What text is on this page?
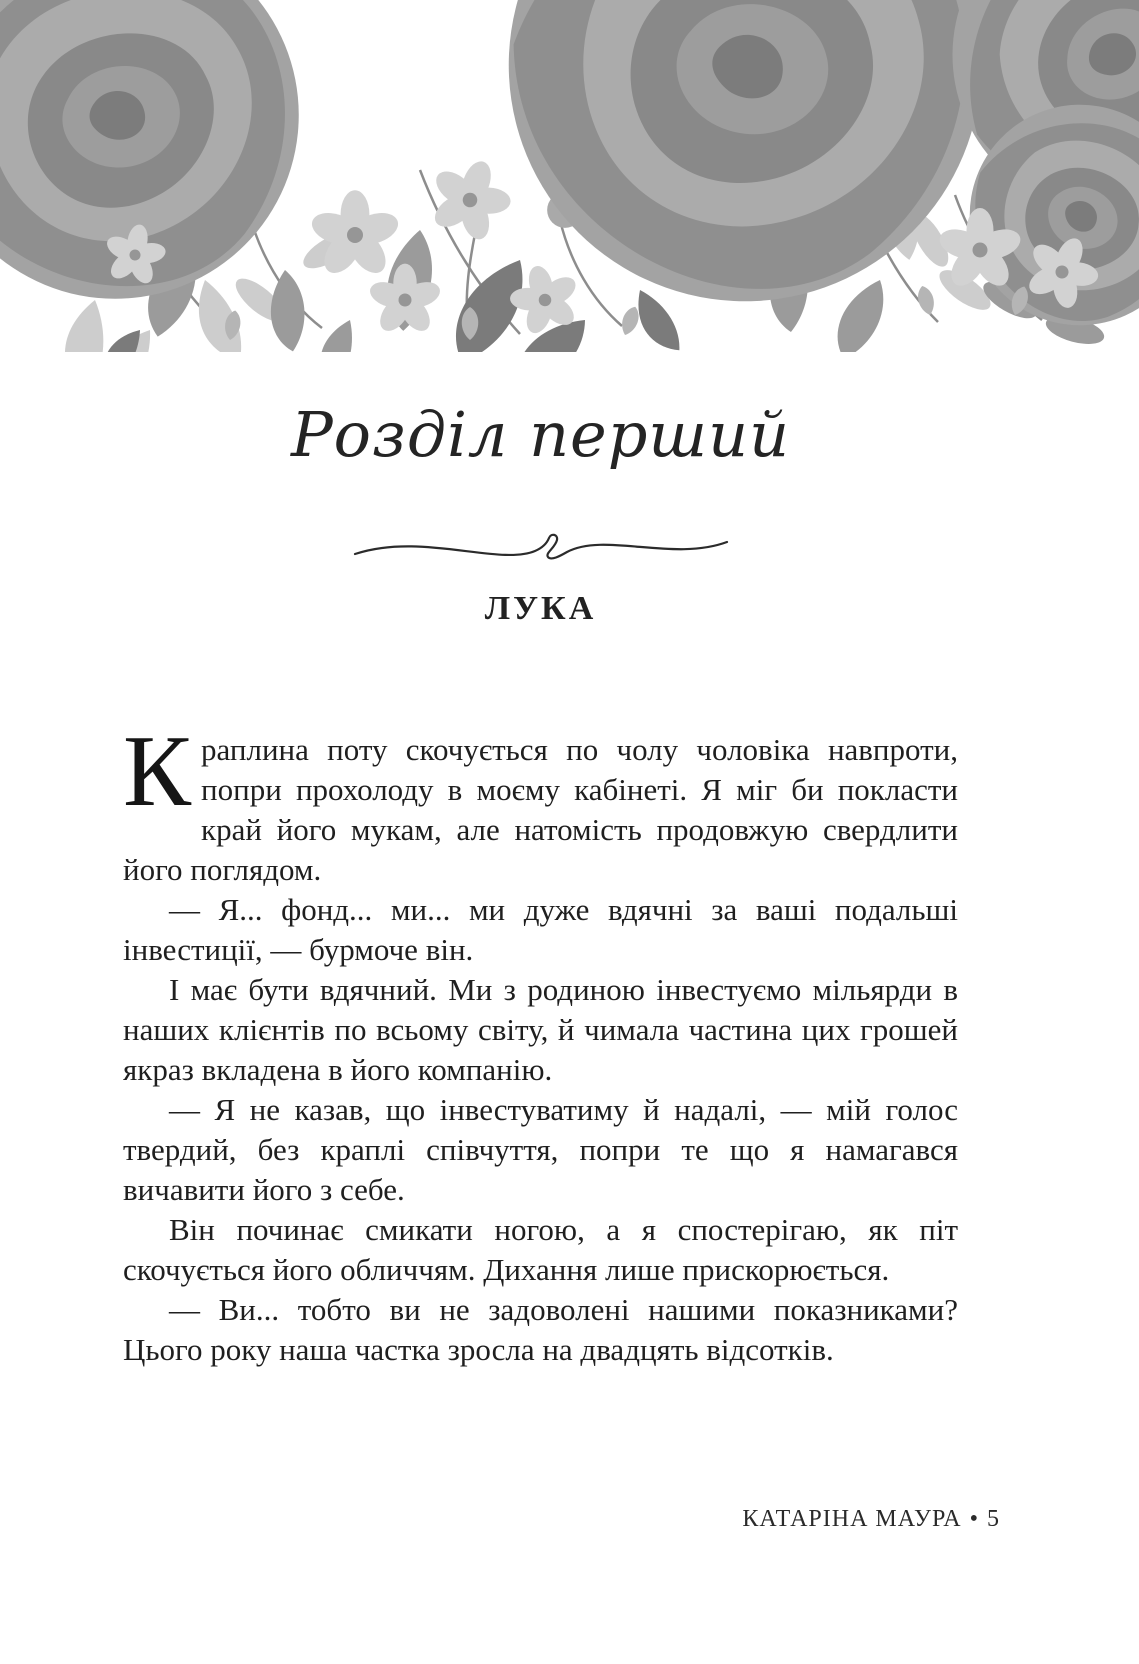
Розділ перший
ЛУКА

Краплина поту скочується по чолу чоловіка навпроти, попри прохолоду в моєму кабінеті. Я міг би покласти край його мукам, але натомість продовжую свердлити його поглядом.

— Я... фонд... ми... ми дуже вдячні за ваші подальші інвестиції, — бурмоче він.

І має бути вдячний. Ми з родиною інвестуємо мільярди в наших клієнтів по всьому світу, й чимала частина цих грошей якраз вкладена в його компанію.

— Я не казав, що інвестуватиму й надалі, — мій голос твердий, без краплі співчуття, попри те що я намагався вичавити його з себе.

Він починає смикати ногою, а я спостерігаю, як піт скочується його обличчям. Дихання лише прискорюється.

— Ви... тобто ви не задоволені нашими показниками? Цього року наша частка зросла на двадцять відсотків.

КАТАРІНА МАУРА • 5
